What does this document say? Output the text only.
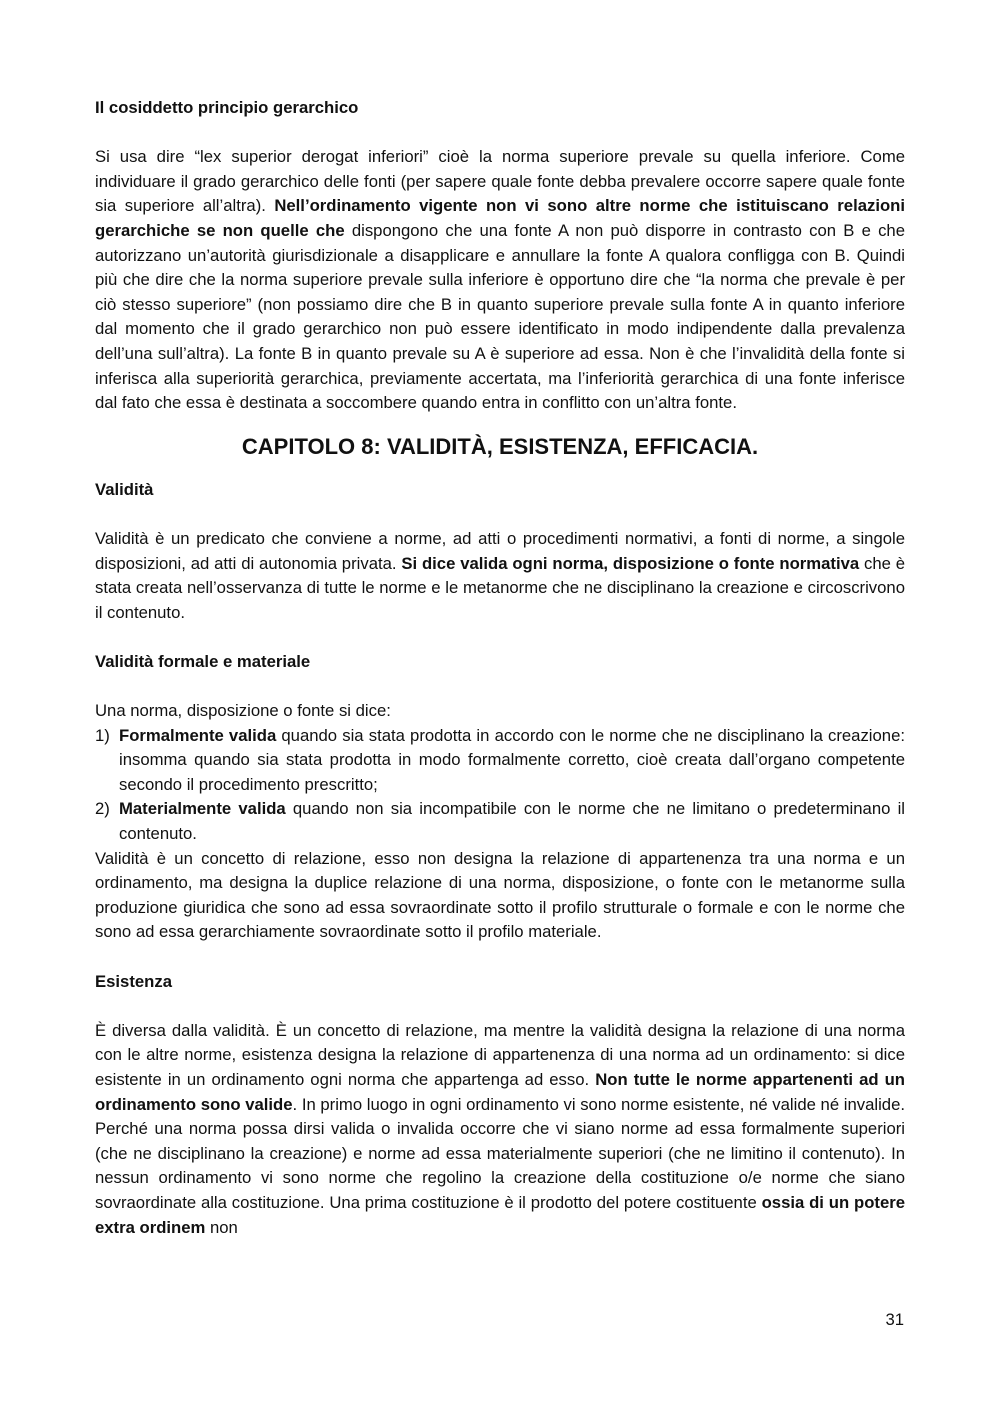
Il cosiddetto principio gerarchico

Si usa dire “lex superior derogat inferiori” cioè la norma superiore prevale su quella inferiore. Come individuare il grado gerarchico delle fonti (per sapere quale fonte debba prevalere occorre sapere quale fonte sia superiore all’altra). Nell’ordinamento vigente non vi sono altre norme che istituiscano relazioni gerarchiche se non quelle che dispongono che una fonte A non può disporre in contrasto con B e che autorizzano un’autorità giurisdizionale a disapplicare e annullare la fonte A qualora confligga con B. Quindi più che dire che la norma superiore prevale sulla inferiore è opportuno dire che “la norma che prevale è per ciò stesso superiore” (non possiamo dire che B in quanto superiore prevale sulla fonte A in quanto inferiore dal momento che il grado gerarchico non può essere identificato in modo indipendente dalla prevalenza dell’una sull’altra). La fonte B in quanto prevale su A è superiore ad essa. Non è che l’invalidità della fonte si inferisca alla superiorità gerarchica, previamente accertata, ma l’inferiorità gerarchica di una fonte inferisce dal fato che essa è destinata a soccombere quando entra in conflitto con un’altra fonte.

CAPITOLO 8: VALIDITÀ, ESISTENZA, EFFICACIA.

Validità

Validità è un predicato che conviene a norme, ad atti o procedimenti normativi, a fonti di norme, a singole disposizioni, ad atti di autonomia privata. Si dice valida ogni norma, disposizione o fonte normativa che è stata creata nell’osservanza di tutte le norme e le metanorme che ne disciplinano la creazione e circoscrivono il contenuto.

Validità formale e materiale

Una norma, disposizione o fonte si dice:

1) Formalmente valida quando sia stata prodotta in accordo con le norme che ne disciplinano la creazione: insomma quando sia stata prodotta in modo formalmente corretto, cioè creata dall’organo competente secondo il procedimento prescritto;
2) Materialmente valida quando non sia incompatibile con le norme che ne limitano o predeterminano il contenuto.

Validità è un concetto di relazione, esso non designa la relazione di appartenenza tra una norma e un ordinamento, ma designa la duplice relazione di una norma, disposizione, o fonte con le metanorme sulla produzione giuridica che sono ad essa sovraordinate sotto il profilo strutturale o formale e con le norme che sono ad essa gerarchiamente sovraordinate sotto il profilo materiale.

Esistenza

È diversa dalla validità. È un concetto di relazione, ma mentre la validità designa la relazione di una norma con le altre norme, esistenza designa la relazione di appartenenza di una norma ad un ordinamento: si dice esistente in un ordinamento ogni norma che appartenga ad esso. Non tutte le norme appartenenti ad un ordinamento sono valide. In primo luogo in ogni ordinamento vi sono norme esistente, né valide né invalide. Perché una norma possa dirsi valida o invalida occorre che vi siano norme ad essa formalmente superiori (che ne disciplinano la creazione) e norme ad essa materialmente superiori (che ne limitino il contenuto). In nessun ordinamento vi sono norme che regolino la creazione della costituzione o/e norme che siano sovraordinate alla costituzione. Una prima costituzione è il prodotto del potere costituente ossia di un potere extra ordinem non

31
